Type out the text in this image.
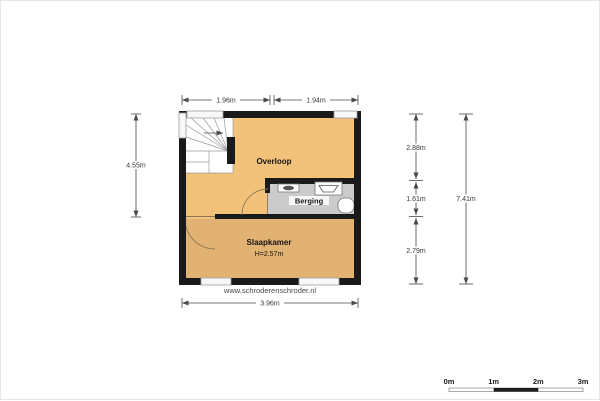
Overloop
Berging
Slaapkamer
H=2.57m
1.96m	1.94m
4.55m
2.88m
1.61m
2.79m
7.41m
3.96m
www.schroderenschroder.nl
0m	1m	2m	3m
